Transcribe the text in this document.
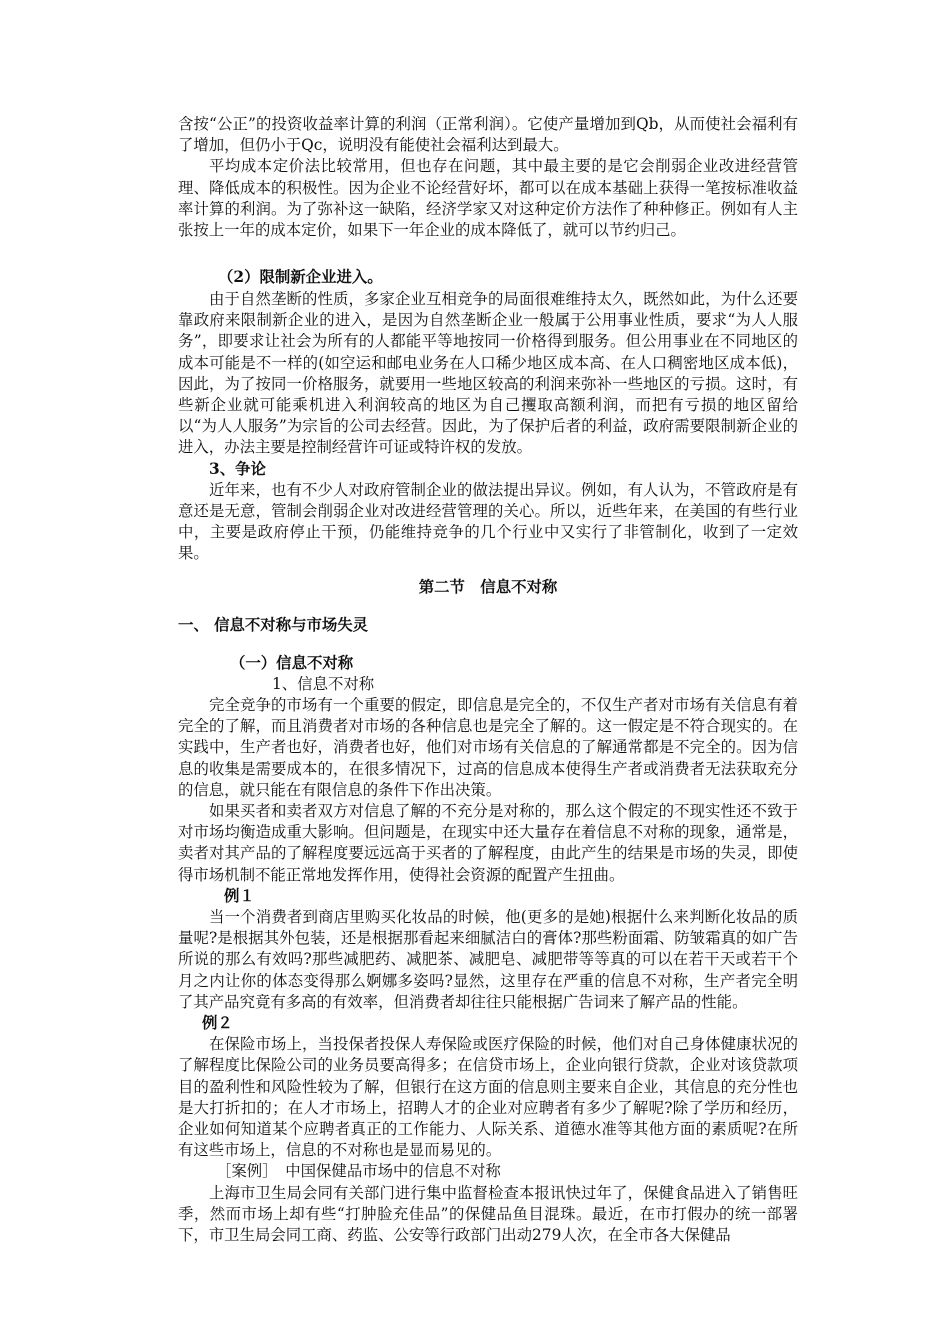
含按“公正”的投资收益率计算的利润（正常利润）。它使产量增加到Qb，从而使社会福利有了增加，但仍小于Qc，说明没有能使社会福利达到最大。

平均成本定价法比较常用，但也存在问题，其中最主要的是它会削弱企业改进经营管理、降低成本的积极性。因为企业不论经营好坏，都可以在成本基础上获得一笔按标准收益率计算的利润。为了弥补这一缺陷，经济学家又对这种定价方法作了种种修正。例如有人主张按上一年的成本定价，如果下一年企业的成本降低了，就可以节约归己。

（2）限制新企业进入。

由于自然垄断的性质，多家企业互相竞争的局面很难维持太久，既然如此，为什么还要靠政府来限制新企业的进入，是因为自然垄断企业一般属于公用事业性质，要求“为人人服务”，即要求让社会为所有的人都能平等地按同一价格得到服务。但公用事业在不同地区的成本可能是不一样的(如空运和邮电业务在人口稀少地区成本高、在人口稠密地区成本低)，因此，为了按同一价格服务，就要用一些地区较高的利润来弥补一些地区的亏损。这时，有些新企业就可能乘机进入利润较高的地区为自己攫取高额利润，而把有亏损的地区留给以“为人人服务”为宗旨的公司去经营。因此，为了保护后者的利益，政府需要限制新企业的进入，办法主要是控制经营许可证或特许权的发放。

3、争论

近年来，也有不少人对政府管制企业的做法提出异议。例如，有人认为，不管政府是有意还是无意，管制会削弱企业对改进经营管理的关心。所以，近些年来，在美国的有些行业中，主要是政府停止干预，仍能维持竞争的几个行业中又实行了非管制化，收到了一定效果。

第二节　信息不对称
一、 信息不对称与市场失灵
（一）信息不对称
1、信息不对称

完全竞争的市场有一个重要的假定，即信息是完全的，不仅生产者对市场有关信息有着完全的了解，而且消费者对市场的各种信息也是完全了解的。这一假定是不符合现实的。在实践中，生产者也好，消费者也好，他们对市场有关信息的了解通常都是不完全的。因为信息的收集是需要成本的，在很多情况下，过高的信息成本使得生产者或消费者无法获取充分的信息，就只能在有限信息的条件下作出决策。

如果买者和卖者双方对信息了解的不充分是对称的，那么这个假定的不现实性还不致于对市场均衡造成重大影响。但问题是，在现实中还大量存在着信息不对称的现象，通常是，卖者对其产品的了解程度要远远高于买者的了解程度，由此产生的结果是市场的失灵，即使得市场机制不能正常地发挥作用，使得社会资源的配置产生扭曲。

例１

当一个消费者到商店里购买化妆品的时候，他(更多的是她)根据什么来判断化妆品的质量呢?是根据其外包装，还是根据那看起来细腻洁白的膏体?那些粉面霜、防皱霜真的如广告所说的那么有效吗?那些减肥药、减肥茶、减肥皂、减肥带等等真的可以在若干天或若干个月之内让你的体态变得那么婀娜多姿吗?显然，这里存在严重的信息不对称，生产者完全明了其产品究竟有多高的有效率，但消费者却往往只能根据广告词来了解产品的性能。

例２

在保险市场上，当投保者投保人寿保险或医疗保险的时候，他们对自己身体健康状况的了解程度比保险公司的业务员要高得多；在信贷市场上，企业向银行贷款，企业对该贷款项目的盈利性和风险性较为了解，但银行在这方面的信息则主要来自企业，其信息的充分性也是大打折扣的；在人才市场上，招聘人才的企业对应聘者有多少了解呢?除了学历和经历，企业如何知道某个应聘者真正的工作能力、人际关系、道德水准等其他方面的素质呢?在所有这些市场上，信息的不对称也是显而易见的。

［案例］　中国保健品市场中的信息不对称

上海市卫生局会同有关部门进行集中监督检查本报讯快过年了，保健食品进入了销售旺季，然而市场上却有些“打肿脸充佳品”的保健品鱼目混珠。最近，在市打假办的统一部署下，市卫生局会同工商、药监、公安等行政部门出动279人次，在全市各大保健品
